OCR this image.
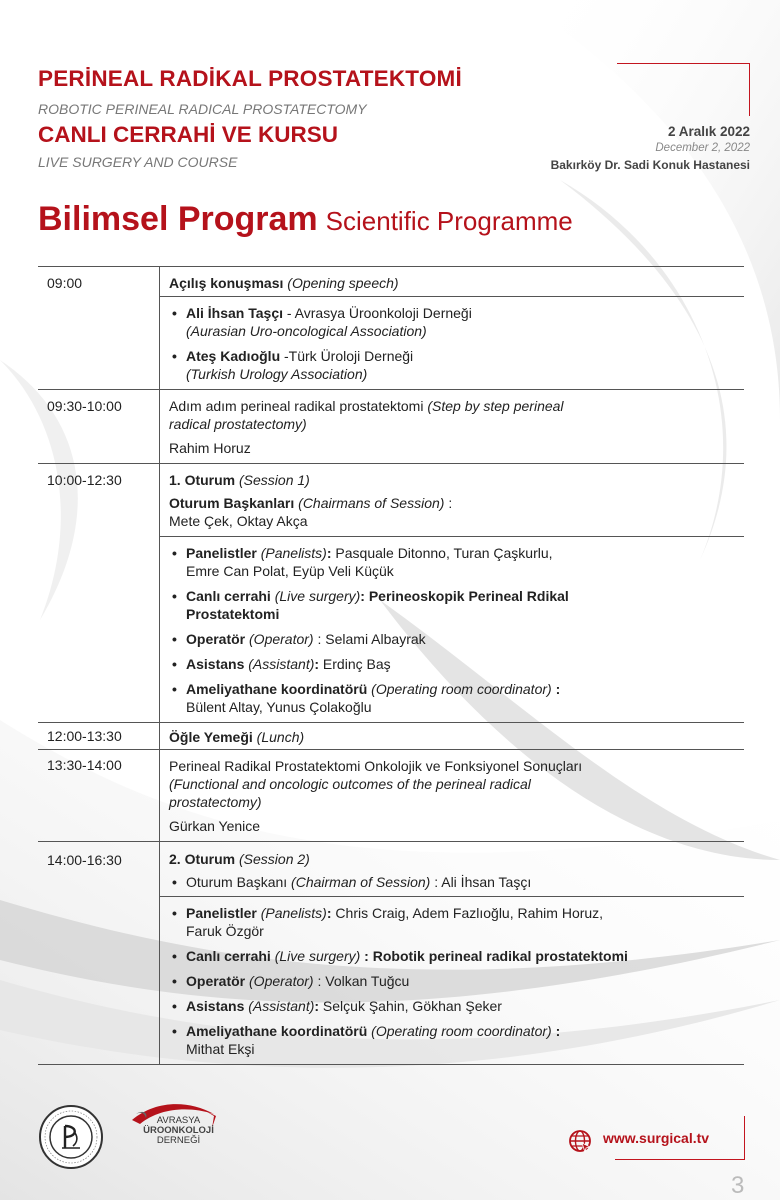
PERİNEAL RADİKAL PROSTATEKTOMİ
ROBOTIC PERINEAL RADICAL PROSTATECTOMY
CANLI CERRAHİ VE KURSU
LIVE SURGERY AND COURSE
2 Aralık 2022
December 2, 2022
Bakırköy Dr. Sadi Konuk Hastanesi
Bilimsel Program Scientific Programme
09:00	Açılış konuşması (Opening speech)
• Ali İhsan Taşçı - Avrasya Üroonkoloji Derneği
(Aurasian Uro-oncological Association)
• Ateş Kadıoğlu -Türk Üroloji Derneği
(Turkish Urology Association)
09:30-10:00	Adım adım perineal radikal prostatektomi (Step by step perineal
radical prostatectomy)
Rahim Horuz
10:00-12:30	1. Oturum (Session 1)
Oturum Başkanları (Chairmans of Session) :
Mete Çek, Oktay Akça
• Panelistler (Panelists): Pasquale Ditonno, Turan Çaşkurlu,
Emre Can Polat, Eyüp Veli Küçük
• Canlı cerrahi (Live surgery): Perineoskopik Perineal Rdikal
Prostatektomi
• Operatör (Operator) : Selami Albayrak
• Asistans (Assistant): Erdinç Baş
• Ameliyathane koordinatörü (Operating room coordinator) :
Bülent Altay, Yunus Çolakoğlu
12:00-13:30	Öğle Yemeği (Lunch)
13:30-14:00	Perineal Radikal Prostatektomi Onkolojik ve Fonksiyonel Sonuçları
(Functional and oncologic outcomes of the perineal radical
prostatectomy)
Gürkan Yenice
14:00-16:30	2. Oturum (Session 2)
• Oturum Başkanı (Chairman of Session) : Ali İhsan Taşçı
• Panelistler (Panelists): Chris Craig, Adem Fazlıoğlu, Rahim Horuz,
Faruk Özgör
• Canlı cerrahi (Live surgery) : Robotik perineal radikal prostatektomi
• Operatör (Operator) : Volkan Tuğcu
• Asistans (Assistant): Selçuk Şahin, Gökhan Şeker
• Ameliyathane koordinatörü (Operating room coordinator) :
Mithat Ekşi
AVRASYA
ÜROONKOLOJİ
DERNEĞİ	www.surgical.tv
3
